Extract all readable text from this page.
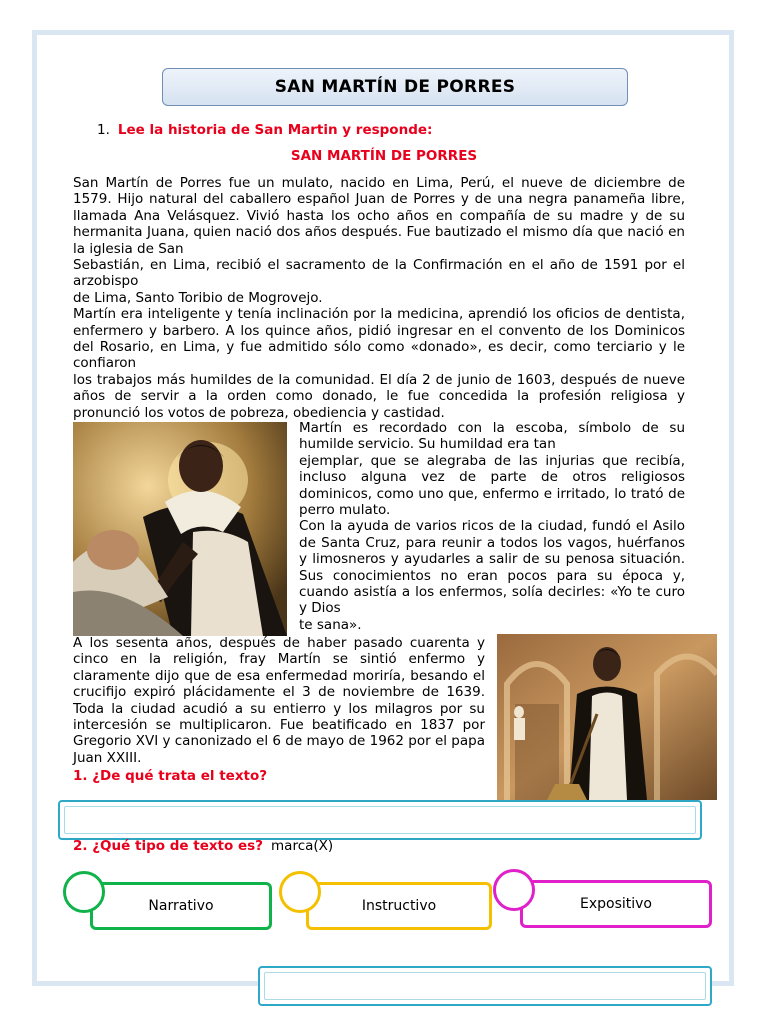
SAN MARTÍN DE PORRES
1. Lee la historia de San Martin y responde:
SAN MARTÍN DE PORRES
San Martín de Porres fue un mulato, nacido en Lima, Perú, el nueve de diciembre de 1579. Hijo natural del caballero español Juan de Porres y de una negra panameña libre, llamada Ana Velásquez. Vivió hasta los ocho años en compañía de su madre y de su hermanita Juana, quien nació dos años después. Fue bautizado el mismo día que nació en la iglesia de San
Sebastián, en Lima, recibió el sacramento de la Confirmación en el año de 1591 por el arzobispo
de Lima, Santo Toribio de Mogrovejo.
Martín era inteligente y tenía inclinación por la medicina, aprendió los oficios de dentista, enfermero y barbero. A los quince años, pidió ingresar en el convento de los Dominicos del Rosario, en Lima, y fue admitido sólo como «donado», es decir, como terciario y le confiaron
los trabajos más humildes de la comunidad. El día 2 de junio de 1603, después de nueve años de servir a la orden como donado, le fue concedida la profesión religiosa y pronunció los votos de pobreza, obediencia y castidad.
Martín es recordado con la escoba, símbolo de su humilde servicio. Su humildad era tan
ejemplar, que se alegraba de las injurias que recibía, incluso alguna vez de parte de otros religiosos dominicos, como uno que, enfermo e irritado, lo trató de perro mulato.
Con la ayuda de varios ricos de la ciudad, fundó el Asilo de Santa Cruz, para reunir a todos los vagos, huérfanos y limosneros y ayudarles a salir de su penosa situación. Sus conocimientos no eran pocos para su época y, cuando asistía a los enfermos, solía decirles: «Yo te curo y Dios
te sana».
A los sesenta años, después de haber pasado cuarenta y cinco en la religión, fray Martín se sintió enfermo y claramente dijo que de esa enfermedad moriría, besando el crucifijo expiró plácidamente el 3 de noviembre de 1639. Toda la ciudad acudió a su entierro y los milagros por su intercesión se multiplicaron. Fue beatificado en 1837 por Gregorio XVI y canonizado el 6 de mayo de 1962 por el papa Juan XXIII.
1. ¿De qué trata el texto?
2. ¿Qué tipo de texto es? marca(X)
Narrativo	Instructivo	Expositivo
